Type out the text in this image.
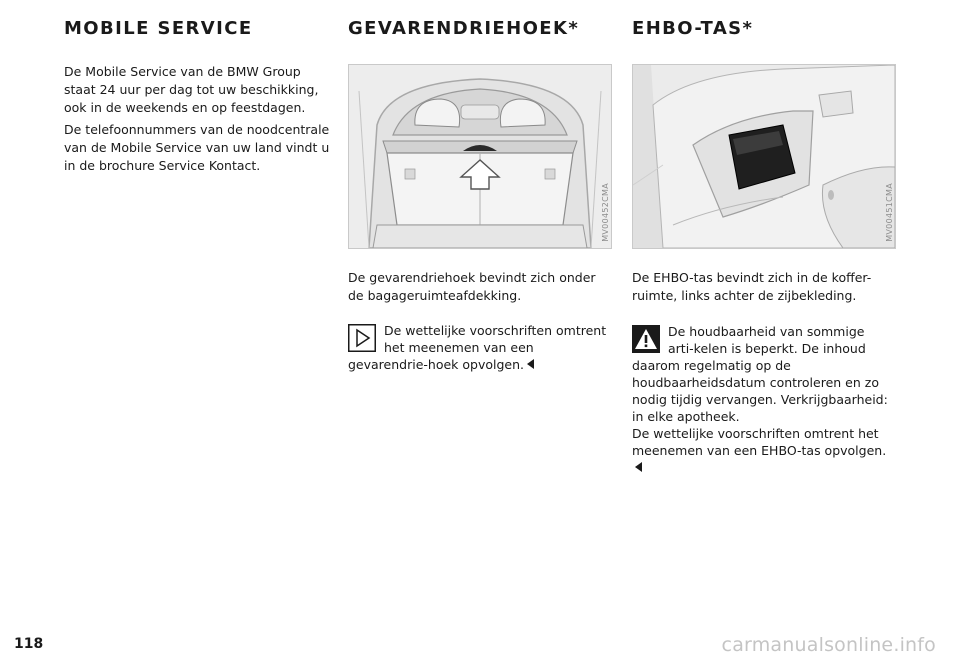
MOBILE SERVICE

De Mobile Service van de BMW Group staat 24 uur per dag tot uw beschikking, ook in de weekends en op feestdagen.

De telefoonnummers van de noodcentrale van de Mobile Service van uw land vindt u in de brochure Service Kontact.

GEVARENDRIEHOEK*
MV00452CMA

De gevarendriehoek bevindt zich onder de bagageruimteafdekking.

De wettelijke voorschriften omtrent het meenemen van een gevarendrie-hoek opvolgen.
EHBO-TAS*
MV00451CMA

De EHBO-tas bevindt zich in de koffer-ruimte, links achter de zijbekleding.

De houdbaarheid van sommige arti-kelen is beperkt. De inhoud daarom regelmatig op de houdbaarheidsdatum controleren en zo nodig tijdig vervangen. Verkrijgbaarheid: in elke apotheek.
De wettelijke voorschriften omtrent het meenemen van een EHBO-tas opvolgen.
118	carmanualsonline.info
